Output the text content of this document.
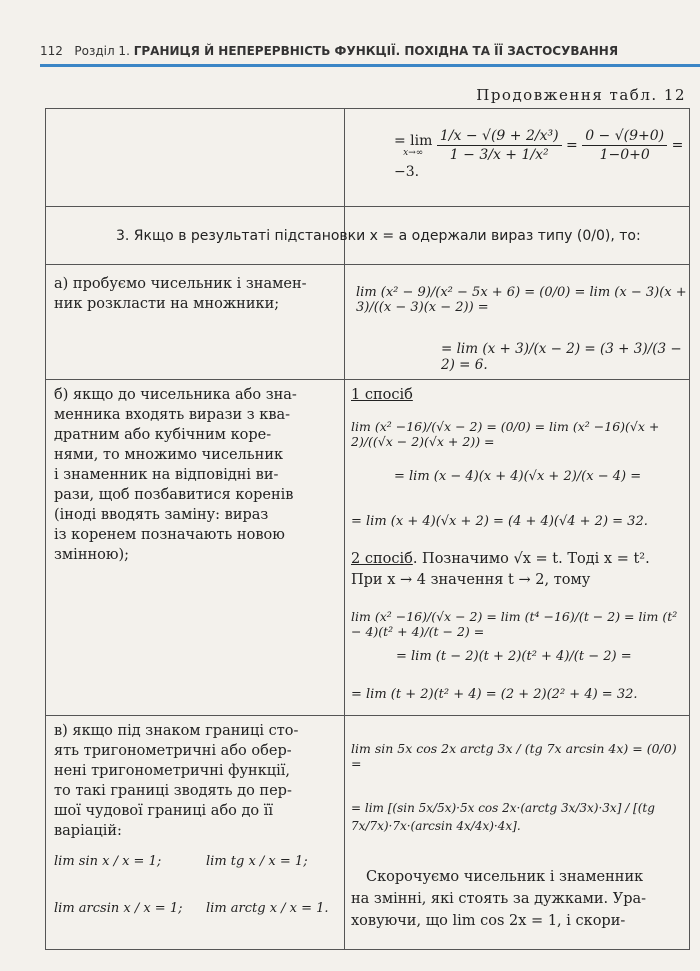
112 Розділ 1. ГРАНИЦЯ Й НЕПЕРЕРВНІСТЬ ФУНКЦІЇ. ПОХІДНА ТА ЇЇ ЗАСТОСУВАННЯ
Продовження табл. 12
= lim
x→∞
$\frac{\text{1/x − √(9 + 2/x³)}}{\text{1 − 3/x + 1/x²}} = \frac{0 - √(9+0)}{1-0+0} = -3$.
3. Якщо в результаті підстановки x = a одержали вираз типу (0/0), то:
а) пробуємо чисельник і знамен-
ник розкласти на множники;
lim (x² − 9)/(x² − 5x + 6) = (0/0) = lim (x − 3)(x + 3)/((x − 3)(x − 2)) =
= lim (x + 3)/(x − 2) = (3 + 3)/(3 − 2) = 6.
б) якщо до чисельника або зна-
менника входять вирази з ква-
дратним або кубічним коре-
нями, то множимо чисельник
і знаменник на відповідні ви-
рази, щоб позбавитися коренів
(іноді вводять заміну: вираз
із коренем позначають новою
змінною);
1 спосіб
lim (x² −16)/(√x − 2) = (0/0) = lim (x² −16)(√x + 2)/((√x − 2)(√x + 2)) =
= lim (x − 4)(x + 4)(√x + 2)/(x − 4) =
= lim (x + 4)(√x + 2) = (4 + 4)(√4 + 2) = 32.
2 спосіб. Позначимо √x = t. Тоді x = t².
При x → 4 значення t → 2, тому
lim (x² −16)/(√x − 2) = lim (t⁴ −16)/(t − 2) = lim (t² − 4)(t² + 4)/(t − 2) =
= lim (t − 2)(t + 2)(t² + 4)/(t − 2) =
= lim (t + 2)(t² + 4) = (2 + 2)(2² + 4) = 32.
в) якщо під знаком границі сто-
ять тригонометричні або обер-
нені тригонометричні функції,
то такі границі зводять до пер-
шої чудової границі або до її
варіацій:
lim sin x / x = 1;	lim tg x / x = 1;
lim arcsin x / x = 1; lim arctg x / x = 1.
lim sin 5x cos 2x arctg 3x / (tg 7x arcsin 4x) = (0/0) =
= lim [(sin 5x/5x)·5x cos 2x·(arctg 3x/3x)·3x] / [(tg 7x/7x)·7x·(arcsin 4x/4x)·4x].
Скорочуємо чисельник і знаменник
на змінні, які стоять за дужками. Ура-
ховуючи, що lim cos 2x = 1, і скори-
